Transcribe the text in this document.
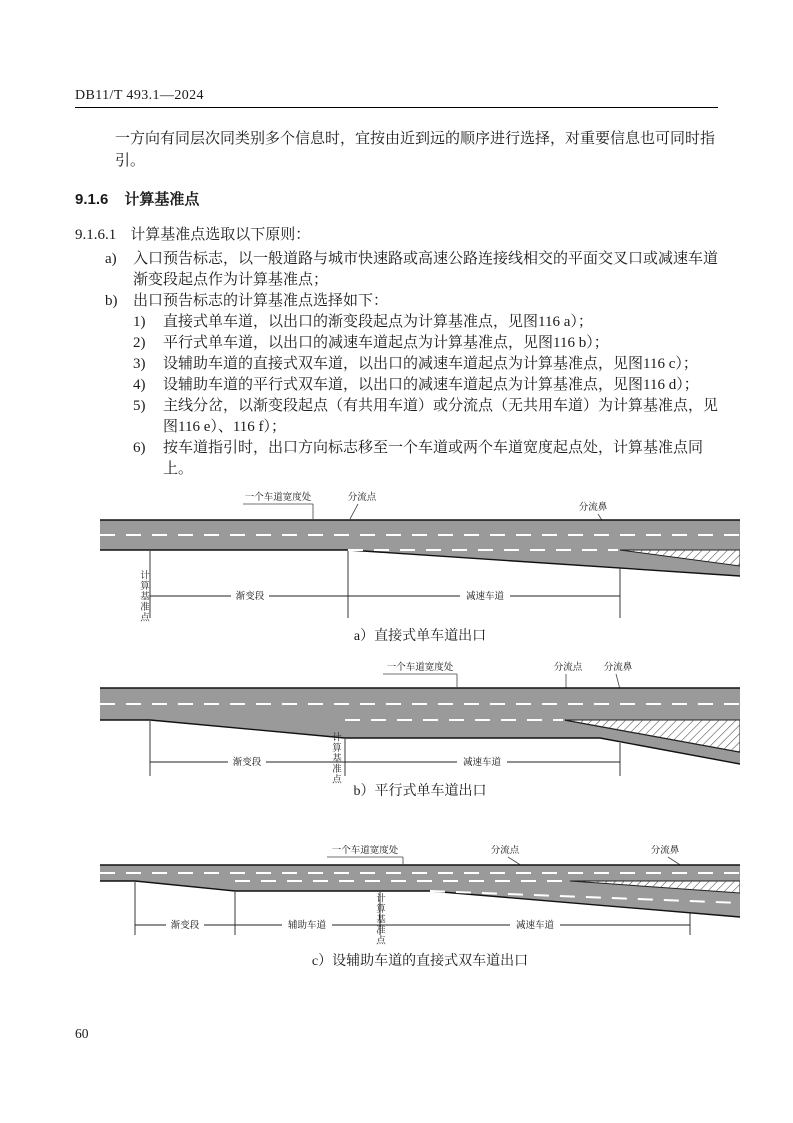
DB11/T 493.1—2024

一方向有同层次同类别多个信息时，宜按由近到远的顺序进行选择，对重要信息也可同时指引。

9.1.6 计算基准点
9.1.6.1 计算基准点选取以下原则：
a)	入口预告标志，以一般道路与城市快速路或高速公路连接线相交的平面交叉口或减速车道渐变段起点作为计算基准点；
b)	出口预告标志的计算基准点选择如下：
1)	直接式单车道，以出口的渐变段起点为计算基准点，见图116 a）；
2)	平行式单车道，以出口的减速车道起点为计算基准点，见图116 b）；
3)	设辅助车道的直接式双车道，以出口的减速车道起点为计算基准点，见图116 c）；
4)	设辅助车道的平行式双车道，以出口的减速车道起点为计算基准点，见图116 d）；
5)	主线分岔，以渐变段起点（有共用车道）或分流点（无共用车道）为计算基准点，见图116 e）、116 f）；
6)	按车道指引时，出口方向标志移至一个车道或两个车道宽度起点处，计算基准点同上。
一个车道宽度处	分流点
分流鼻
渐变段	减速车道
计算基准点
a）直接式单车道出口
一个车道宽度处	分流点 分流鼻
渐变段	减速车道
计算基准点
b）平行式单车道出口
一个车道宽度处	分流点	分流鼻
渐变段	辅助车道	减速车道
计算基准点
c）设辅助车道的直接式双车道出口
60
